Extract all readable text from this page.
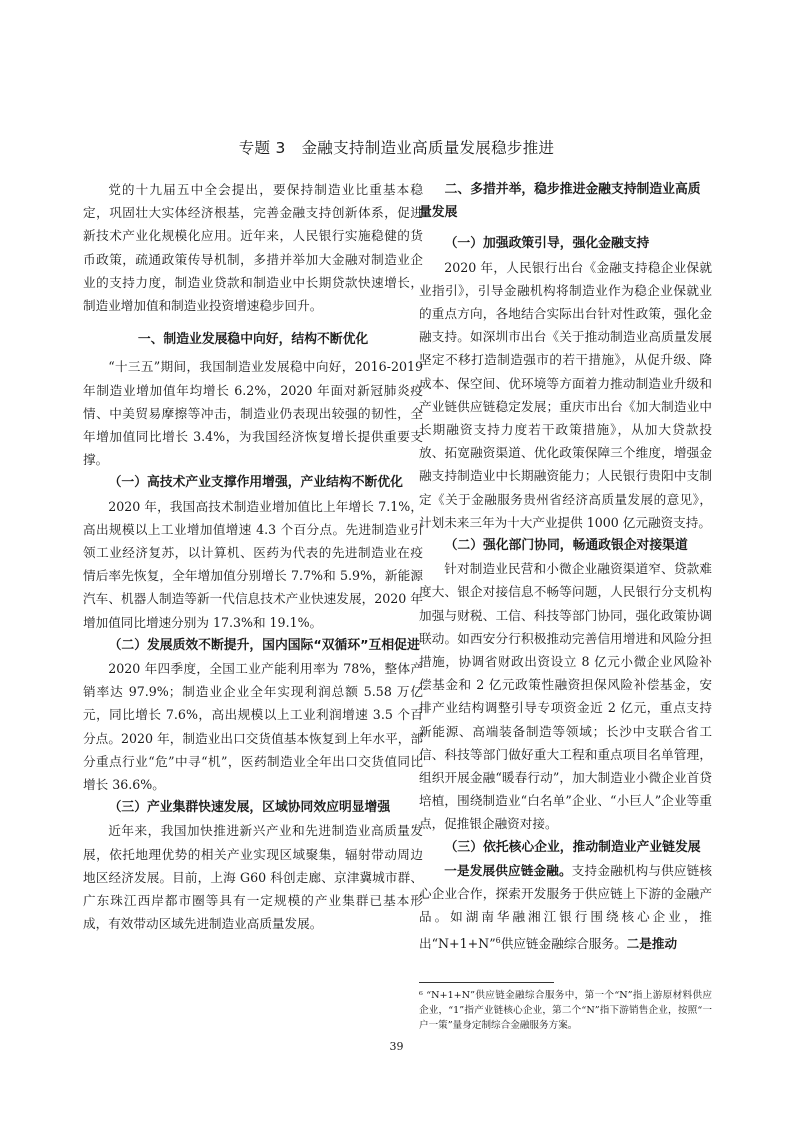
专题 3　金融支持制造业高质量发展稳步推进

党的十九届五中全会提出，要保持制造业比重基本稳定，巩固壮大实体经济根基，完善金融支持创新体系，促进新技术产业化规模化应用。近年来，人民银行实施稳健的货币政策，疏通政策传导机制，多措并举加大金融对制造业企业的支持力度，制造业贷款和制造业中长期贷款快速增长，制造业增加值和制造业投资增速稳步回升。

一、制造业发展稳中向好，结构不断优化

“十三五”期间，我国制造业发展稳中向好，2016-2019 年制造业增加值年均增长 6.2%，2020 年面对新冠肺炎疫情、中美贸易摩擦等冲击，制造业仍表现出较强的韧性，全年增加值同比增长 3.4%，为我国经济恢复增长提供重要支撑。

（一）高技术产业支撑作用增强，产业结构不断优化

2020 年，我国高技术制造业增加值比上年增长 7.1%，高出规模以上工业增加值增速 4.3 个百分点。先进制造业引领工业经济复苏，以计算机、医药为代表的先进制造业在疫情后率先恢复，全年增加值分别增长 7.7%和 5.9%，新能源汽车、机器人制造等新一代信息技术产业快速发展，2020 年增加值同比增速分别为 17.3%和 19.1%。

（二）发展质效不断提升，国内国际“双循环”互相促进

2020 年四季度，全国工业产能利用率为 78%，整体产销率达 97.9%；制造业企业全年实现利润总额 5.58 万亿元，同比增长 7.6%，高出规模以上工业利润增速 3.5 个百分点。2020 年，制造业出口交货值基本恢复到上年水平，部分重点行业“危”中寻“机”，医药制造业全年出口交货值同比增长 36.6%。

（三）产业集群快速发展，区域协同效应明显增强

近年来，我国加快推进新兴产业和先进制造业高质量发展，依托地理优势的相关产业实现区域聚集，辐射带动周边地区经济发展。目前，上海 G60 科创走廊、京津冀城市群、广东珠江西岸都市圈等具有一定规模的产业集群已基本形成，有效带动区域先进制造业高质量发展。

二、多措并举，稳步推进金融支持制造业高质量发展
（一）加强政策引导，强化金融支持

2020 年，人民银行出台《金融支持稳企业保就业指引》，引导金融机构将制造业作为稳企业保就业的重点方向，各地结合实际出台针对性政策，强化金融支持。如深圳市出台《关于推动制造业高质量发展坚定不移打造制造强市的若干措施》，从促升级、降成本、保空间、优环境等方面着力推动制造业升级和产业链供应链稳定发展；重庆市出台《加大制造业中长期融资支持力度若干政策措施》，从加大贷款投放、拓宽融资渠道、优化政策保障三个维度，增强金融支持制造业中长期融资能力；人民银行贵阳中支制定《关于金融服务贵州省经济高质量发展的意见》，计划未来三年为十大产业提供 1000 亿元融资支持。

（二）强化部门协同，畅通政银企对接渠道

针对制造业民营和小微企业融资渠道窄、贷款难度大、银企对接信息不畅等问题，人民银行分支机构加强与财税、工信、科技等部门协同，强化政策协调联动。如西安分行积极推动完善信用增进和风险分担措施，协调省财政出资设立 8 亿元小微企业风险补偿基金和 2 亿元政策性融资担保风险补偿基金，安排产业结构调整引导专项资金近 2 亿元，重点支持新能源、高端装备制造等领域；长沙中支联合省工信、科技等部门做好重大工程和重点项目名单管理，组织开展金融“暖春行动”，加大制造业小微企业首贷培植，围绕制造业“白名单”企业、“小巨人”企业等重点，促推银企融资对接。

（三）依托核心企业，推动制造业产业链发展

一是发展供应链金融。支持金融机构与供应链核心企业合作，探索开发服务于供应链上下游的金融产品。如湖南华融湘江银行围绕核心企业，推出“N+1+N”$^6$供应链金融综合服务。二是推动

⁶ “N+1+N”供应链金融综合服务中，第一个“N”指上游原材料供应企业，“1”指产业链核心企业，第二个“N”指下游销售企业，按照“一户一策”量身定制综合金融服务方案。
39
